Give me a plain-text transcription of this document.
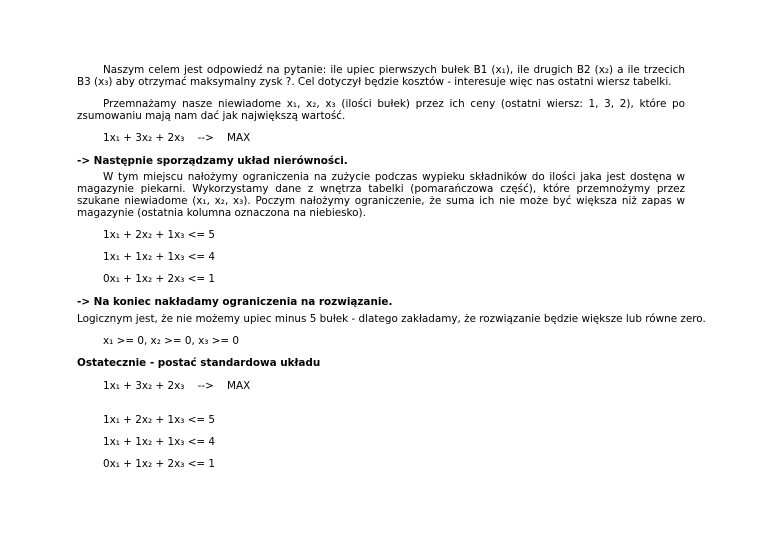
Naszym celem jest odpowiedź na pytanie: ile upiec pierwszych bułek B1 (x₁), ile drugich B2 (x₂) a ile trzecich B3 (x₃) aby otrzymać maksymalny zysk ?. Cel dotyczył będzie kosztów - interesuje więc nas ostatni wiersz tabelki.

Przemnażamy nasze niewiadome x₁, x₂, x₃ (ilości bułek) przez ich ceny (ostatni wiersz: 1, 3, 2), które po zsumowaniu mają nam dać jak największą wartość.

1x₁ + 3x₂ + 2x₃    -->    MAX
-> Następnie sporządzamy układ nierówności.

W tym miejscu nałożymy ograniczenia na zużycie podczas wypieku składników do ilości jaka jest dostęna w magazynie piekarni. Wykorzystamy dane z wnętrza tabelki (pomarańczowa część), które przemnożymy przez szukane niewiadome (x₁, x₂, x₃). Poczym nałożymy ograniczenie, że suma ich nie może być większa niż zapas w magazynie (ostatnia kolumna oznaczona na niebiesko).

1x₁ + 2x₂ + 1x₃ <= 5
1x₁ + 1x₂ + 1x₃ <= 4
0x₁ + 1x₂ + 2x₃ <= 1
-> Na koniec nakładamy ograniczenia na rozwiązanie.
Logicznym jest, że nie możemy upiec minus 5 bułek - dlatego zakładamy, że rozwiązanie będzie większe lub równe zero.
x₁ >= 0, x₂ >= 0, x₃ >= 0
Ostatecznie - postać standardowa układu
1x₁ + 3x₂ + 2x₃    -->    MAX
1x₁ + 2x₂ + 1x₃ <= 5
1x₁ + 1x₂ + 1x₃ <= 4
0x₁ + 1x₂ + 2x₃ <= 1
